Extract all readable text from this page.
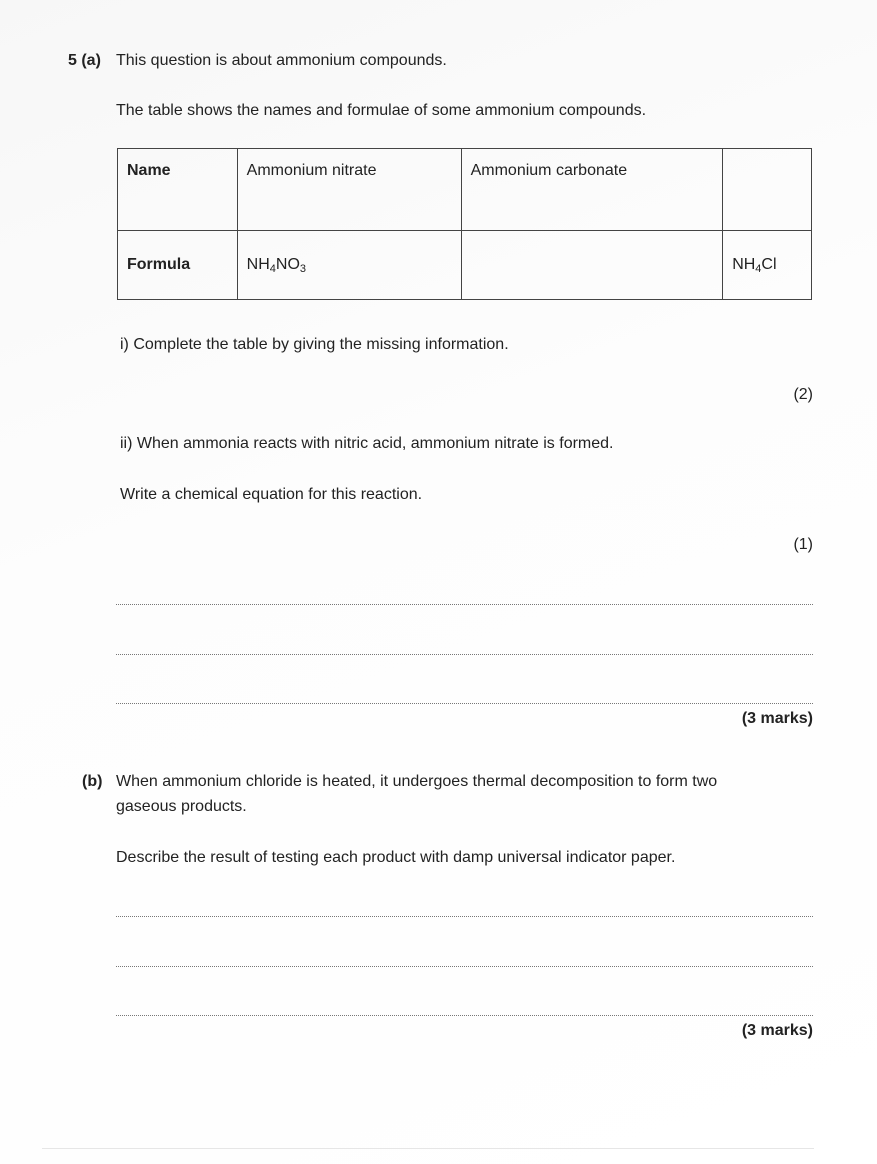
5 (a) This question is about ammonium compounds.
The table shows the names and formulae of some ammonium compounds.
Name	Ammonium nitrate	Ammonium carbonate	
Formula	$NH_4NO_3$		$NH_4Cl$
i) Complete the table by giving the missing information.
(2)
ii) When ammonia reacts with nitric acid, ammonium nitrate is formed.
Write a chemical equation for this reaction.
(1)
(3 marks)
(b) When ammonium chloride is heated, it undergoes thermal decomposition to form two
gaseous products.
Describe the result of testing each product with damp universal indicator paper.
(3 marks)
